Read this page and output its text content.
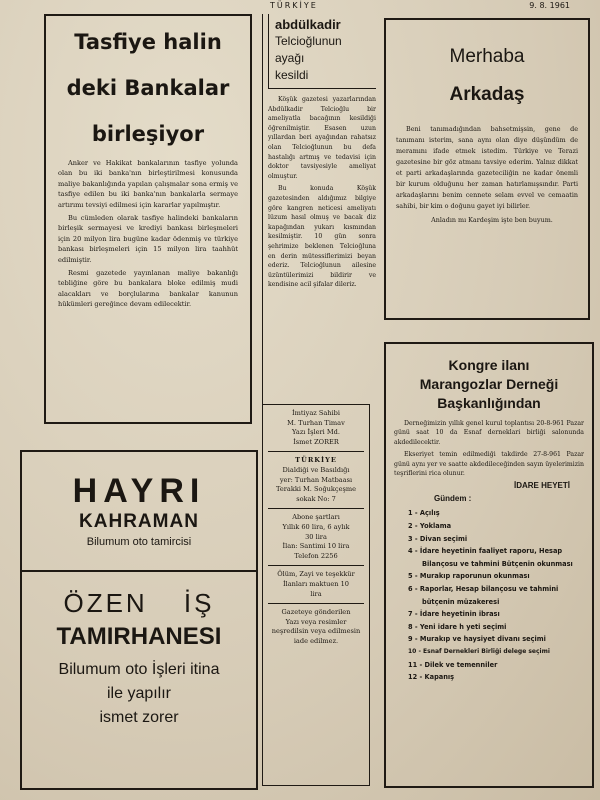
TÜRKİYE	9. 8. 1961

Tasfiye halin

deki Bankalar

birleşiyor

Anker ve Hakikat bankalarının tasfiye yolunda olan bu iki banka'nın birleştirilmesi konusunda maliye bakanlığında yapılan çalışmalar sona ermiş ve tasfiye edilen bu iki banka'nın bankalarla sermaye artırımı tevsiyi edilmesi için kararlar yapılmıştır.

Bu cümleden olarak tasfiye halindeki bankaların birleşik sermayesi ve krediyi bankası birleşmeleri için 20 milyon lira bugüne kadar ödenmiş ve türkiye bankası birleşmeleri için 15 milyon lira taahhüt edilmiştir.

Resmi gazetede yayınlanan maliye bakanlığı tebliğine göre bu bankalara bloke edilmiş mudi alacakları ve borçlularına bankalar kanunun hükümleri gereğince devam edilecektir.

abdülkadir
Telcioğlunun
ayağı
kesildi

Köşük gazetesi yazarlarından Abdülkadir Telcioğlu bir ameliyatla bacağının kesildiği öğrenilmiştir. Esasen uzun yıllardan beri ayağından rahatsız olan Telcioğlunun bu defa hastalığı artmış ve tedavisi için doktor tavsiyesiyle ameliyat olmuştur.

Bu konuda Köşük gazetesinden aldığımız bilgiye göre kangren neticesi ameliyatı lüzum hasıl olmuş ve bacak diz kapağından yukarı kısmından kesilmiştir. 10 gün sonra şehrimize beklenen Telcioğluna en derin mütessiflerimizi beyan ederiz. Telcioğlunun ailesine üzüntülerimizi bildirir ve kendisine acil şifalar dileriz.

Merhaba

Arkadaş

Beni tanımadığından bahsetmişsin, gene de tanımanı isterim, sana aynı olan diye düşündüm de meramını ifade etmek istedim. Türkiye ve Terazi gazetesine bir göz atmanı tavsiye ederim. Yalnız dikkat et parti arkadaşlarında gazeteciliğin ne kadar önemli bir kurum olduğunu her zaman hatırlamışsındır. Parti arkadaşlarını benim cennete selam evvel ve cemaatin sahibi, bir kim o doğunu gayet iyi bilirler.

Anladın mı Kardeşim işte ben buyum.

HAYRI
KAHRAMAN
Bilumum oto tamircisi
ÖZEN İŞ
TAMIRHANESI
Bilumum oto İşleri itina
ile yapılır
ismet zorer
İmtiyaz Sahibi
M. Turhan Timav
Yazı İşleri Md.
İsmet ZORER
TÜRKİYE
Dialdiği ve Basıldığı
yer: Turhan Matbaası
Terakki M. Soğukçeşme
sokak No: 7
Abone şartları
Yıllık 60 lira, 6 aylık
30 lira
İlan: Santimi 10 lira
Telefon 2256
Ölüm, Zayi ve teşekkür İlanları maktuen 10
lira
Gazeteye gönderilen
Yazı veya resimler neşredilsin veya edilmesin
iade edilmez.
Kongre ilanı
Marangozlar Derneği
Başkanlığından

Derneğimizin yıllık genel kurul toplantısı 20-8-961 Pazar günü saat 10 da Esnaf derneklari birliği salonunda akdedilecektir.

Ekseriyet temin edilmediği takdirde 27-8-961 Pazar günü aynı yer ve saatte akdedileceğinden sayın üyelerimizin teşriflerini rica olunur.

İDARE HEYETİ
Gündem :
1 - Açılış
2 - Yoklama
3 - Divan seçimi
4 - İdare heyetinin faaliyet raporu, Hesap
Bilançosu ve tahmini Bütçenin okunması
5 - Murakıp raporunun okunması
6 - Raporlar, Hesap bilançosu ve tahmini
bütçenin müzakeresi
7 - İdare heyetinin ibrası
8 - Yeni idare h yeti seçimi
9 - Murakıp ve haysiyet divanı seçimi
10 - Esnaf Dernekleri Birliği delege seçimi
11 - Dilek ve temenniler
12 - Kapanış
